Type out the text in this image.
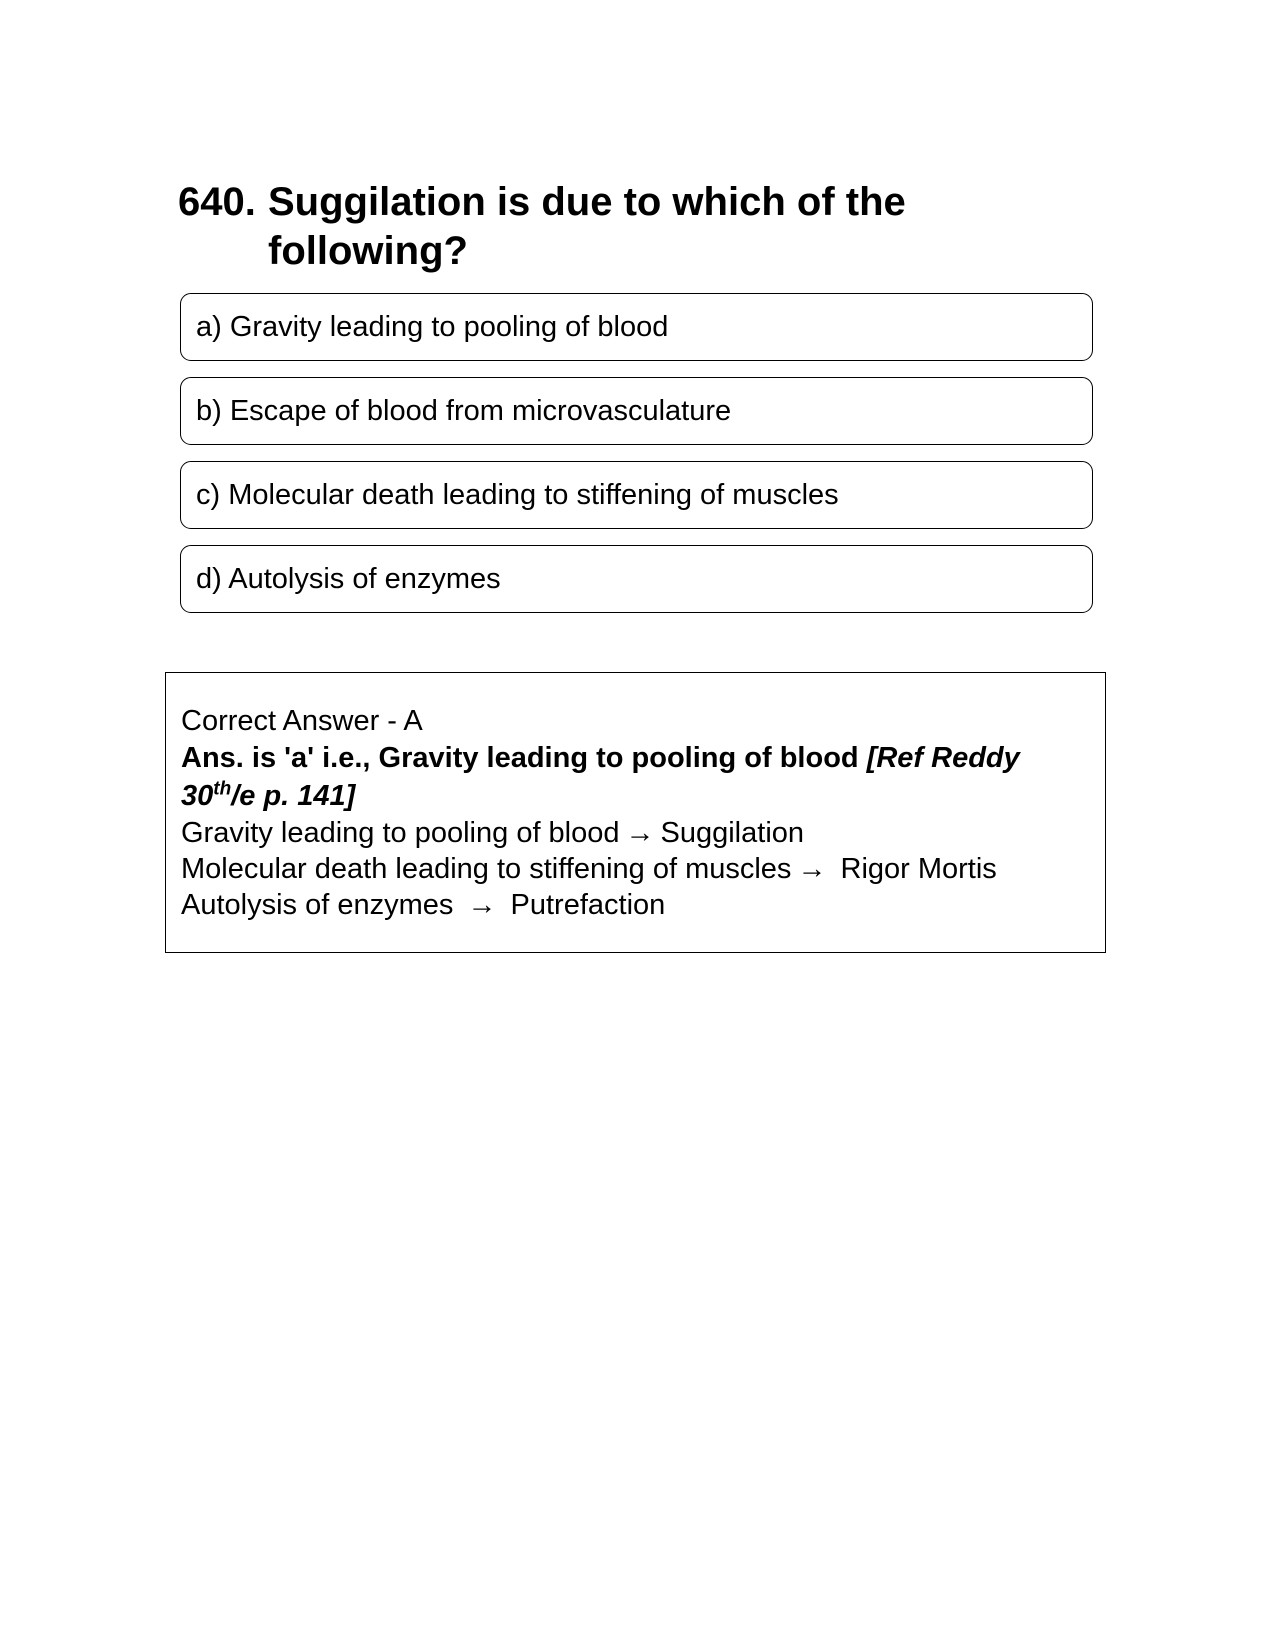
640. Suggilation is due to which of the following?
a) Gravity leading to pooling of blood
b) Escape of blood from microvasculature
c) Molecular death leading to stiffening of muscles
d) Autolysis of enzymes
Correct Answer - A
Ans. is 'a' i.e., Gravity leading to pooling of blood [Ref Reddy 30th/e p. 141]
Gravity leading to pooling of blood → Suggilation
Molecular death leading to stiffening of muscles → Rigor Mortis
Autolysis of enzymes → Putrefaction
